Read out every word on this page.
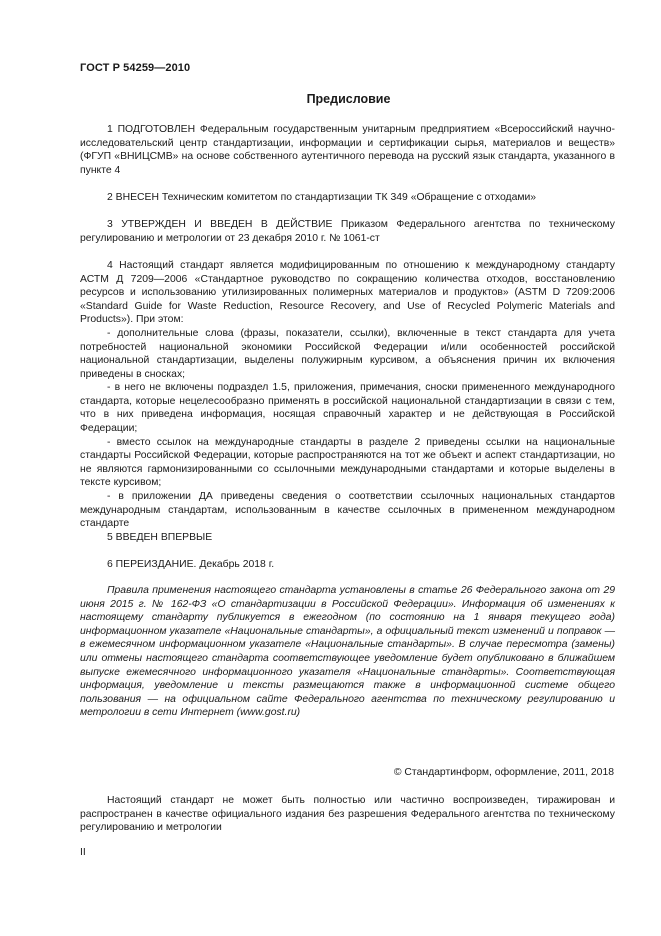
ГОСТ Р 54259—2010
Предисловие

1 ПОДГОТОВЛЕН Федеральным государственным унитарным предприятием «Всероссийский научно-исследовательский центр стандартизации, информации и сертификации сырья, материалов и веществ» (ФГУП «ВНИЦСМВ» на основе собственного аутентичного перевода на русский язык стандарта, указанного в пункте 4

2 ВНЕСЕН Техническим комитетом по стандартизации ТК 349 «Обращение с отходами»

3 УТВЕРЖДЕН И ВВЕДЕН В ДЕЙСТВИЕ Приказом Федерального агентства по техническому регулированию и метрологии от 23 декабря 2010 г. № 1061-ст

4 Настоящий стандарт является модифицированным по отношению к международному стандарту АСТМ Д 7209—2006 «Стандартное руководство по сокращению количества отходов, восстановлению ресурсов и использованию утилизированных полимерных материалов и продуктов» (ASTM D 7209:2006 «Standard Guide for Waste Reduction, Resource Recovery, and Use of Recycled Polymeric Materials and Products»). При этом:

- дополнительные слова (фразы, показатели, ссылки), включенные в текст стандарта для учета потребностей национальной экономики Российской Федерации и/или особенностей российской национальной стандартизации, выделены полужирным курсивом, а объяснения причин их включения приведены в сносках;

- в него не включены подраздел 1.5, приложения, примечания, сноски примененного международного стандарта, которые нецелесообразно применять в российской национальной стандартизации в связи с тем, что в них приведена информация, носящая справочный характер и не действующая в Российской Федерации;

- вместо ссылок на международные стандарты в разделе 2 приведены ссылки на национальные стандарты Российской Федерации, которые распространяются на тот же объект и аспект стандартизации, но не являются гармонизированными со ссылочными международными стандартами и которые выделены в тексте курсивом;

- в приложении ДА приведены сведения о соответствии ссылочных национальных стандартов международным стандартам, использованным в качестве ссылочных в примененном международном стандарте

5 ВВЕДЕН ВПЕРВЫЕ

6 ПЕРЕИЗДАНИЕ. Декабрь 2018 г.

Правила применения настоящего стандарта установлены в статье 26 Федерального закона от 29 июня 2015 г. № 162-ФЗ «О стандартизации в Российской Федерации». Информация об изменениях к настоящему стандарту публикуется в ежегодном (по состоянию на 1 января текущего года) информационном указателе «Национальные стандарты», а официальный текст изменений и поправок — в ежемесячном информационном указателе «Национальные стандарты». В случае пересмотра (замены) или отмены настоящего стандарта соответствующее уведомление будет опубликовано в ближайшем выпуске ежемесячного информационного указателя «Национальные стандарты». Соответствующая информация, уведомление и тексты размещаются также в информационной системе общего пользования — на официальном сайте Федерального агентства по техническому регулированию и метрологии в сети Интернет (www.gost.ru)

© Стандартинформ, оформление, 2011, 2018

Настоящий стандарт не может быть полностью или частично воспроизведен, тиражирован и распространен в качестве официального издания без разрешения Федерального агентства по техническому регулированию и метрологии

II
